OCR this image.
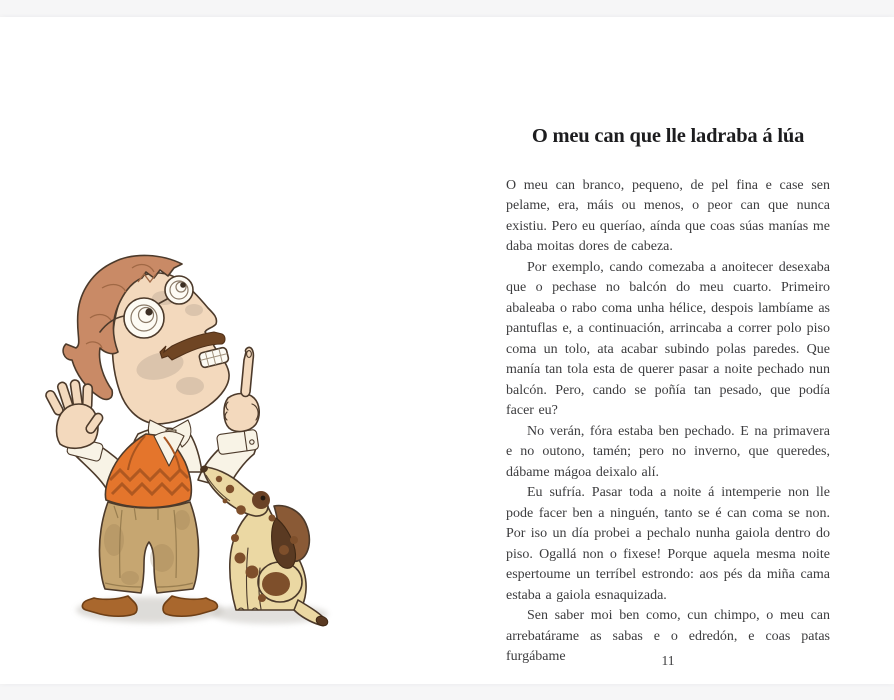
O meu can que lle ladraba á lúa

O meu can branco, pequeno, de pel fina e case sen pelame, era, máis ou menos, o peor can que nunca existiu. Pero eu queríao, aínda que coas súas manías me daba moitas dores de cabeza.

Por exemplo, cando comezaba a anoitecer desexaba que o pechase no balcón do meu cuarto. Primeiro abaleaba o rabo coma unha hélice, despois lambíame as pantuflas e, a continuación, arrincaba a correr polo piso coma un tolo, ata acabar subindo polas paredes. Que manía tan tola esta de querer pasar a noite pechado nun balcón. Pero, cando se poñía tan pesado, que podía facer eu?

No verán, fóra estaba ben pechado. E na primavera e no outono, tamén; pero no inverno, que queredes, dábame mágoa deixalo alí.

Eu sufría. Pasar toda a noite á intemperie non lle pode facer ben a ninguén, tanto se é can coma se non. Por iso un día probei a pechalo nunha gaiola dentro do piso. Ogallá non o fixese! Porque aquela mesma noite espertoume un terríbel estrondo: aos pés da miña cama estaba a gaiola esnaquizada.

Sen saber moi ben como, cun chimpo, o meu can arrebatárame as sabas e o edredón, e coas patas furgábame	11
